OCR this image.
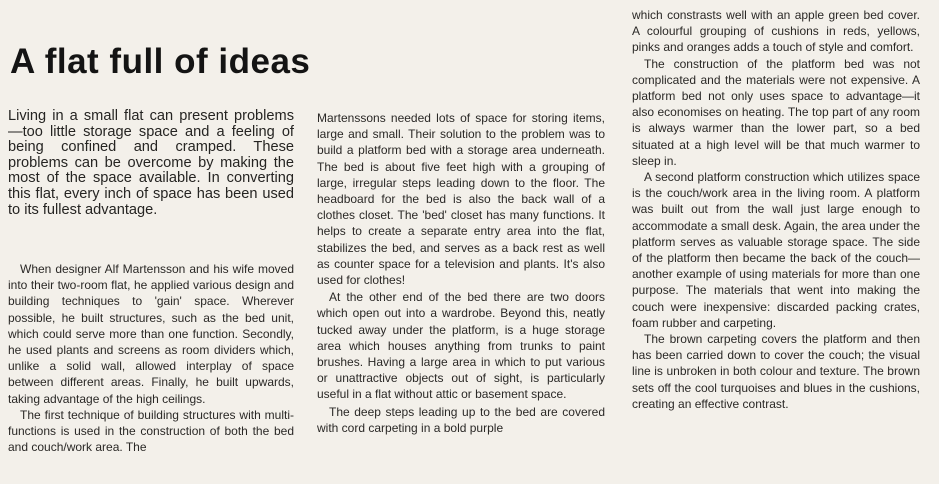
A flat full of ideas

Living in a small flat can present problems—too little storage space and a feeling of being confined and cramped. These problems can be overcome by making the most of the space available. In converting this flat, every inch of space has been used to its fullest advantage.

When designer Alf Martensson and his wife moved into their two-room flat, he applied various design and building techniques to 'gain' space. Wherever possible, he built structures, such as the bed unit, which could serve more than one function. Secondly, he used plants and screens as room dividers which, unlike a solid wall, allowed interplay of space between different areas. Finally, he built upwards, taking advantage of the high ceilings.

The first technique of building structures with multi-functions is used in the construction of both the bed and couch/work area. The

Martenssons needed lots of space for storing items, large and small. Their solution to the problem was to build a platform bed with a storage area underneath. The bed is about five feet high with a grouping of large, irregular steps leading down to the floor. The headboard for the bed is also the back wall of a clothes closet. The 'bed' closet has many functions. It helps to create a separate entry area into the flat, stabilizes the bed, and serves as a back rest as well as counter space for a television and plants. It's also used for clothes!

At the other end of the bed there are two doors which open out into a wardrobe. Beyond this, neatly tucked away under the platform, is a huge storage area which houses anything from trunks to paint brushes. Having a large area in which to put various or unattractive objects out of sight, is particularly useful in a flat without attic or basement space.

The deep steps leading up to the bed are covered with cord carpeting in a bold purple

which constrasts well with an apple green bed cover. A colourful grouping of cushions in reds, yellows, pinks and oranges adds a touch of style and comfort.

The construction of the platform bed was not complicated and the materials were not expensive. A platform bed not only uses space to advantage—it also economises on heating. The top part of any room is always warmer than the lower part, so a bed situated at a high level will be that much warmer to sleep in.

A second platform construction which utilizes space is the couch/work area in the living room. A platform was built out from the wall just large enough to accommodate a small desk. Again, the area under the platform serves as valuable storage space. The side of the platform then became the back of the couch—another example of using materials for more than one purpose. The materials that went into making the couch were inexpensive: discarded packing crates, foam rubber and carpeting.

The brown carpeting covers the platform and then has been carried down to cover the couch; the visual line is unbroken in both colour and texture. The brown sets off the cool turquoises and blues in the cushions, creating an effective contrast.
